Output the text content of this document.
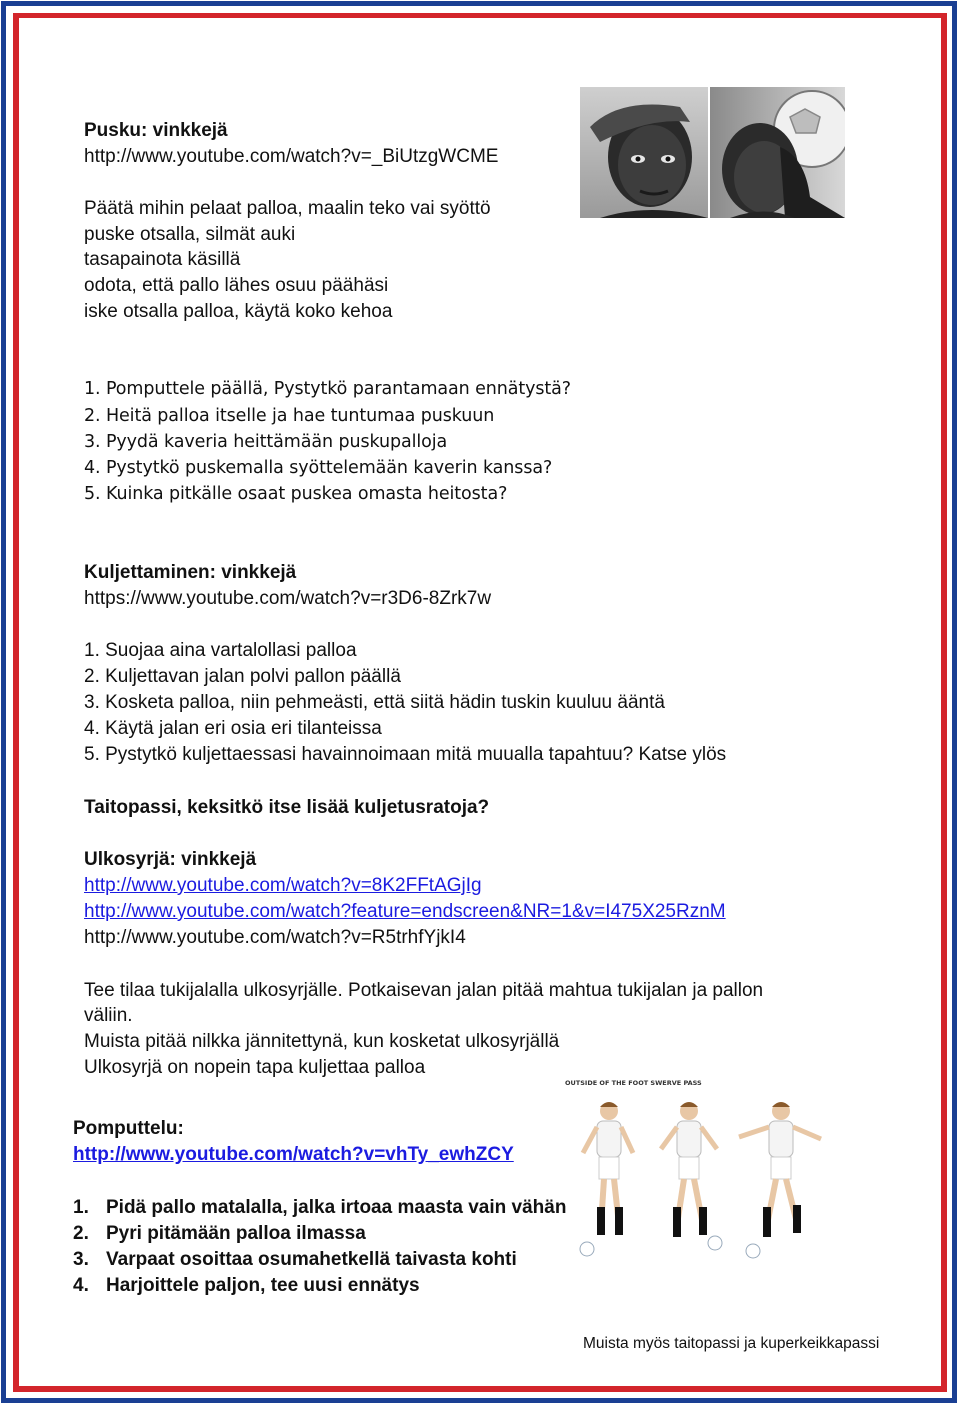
Pusku: vinkkejä
http://www.youtube.com/watch?v=_BiUtzgWCME
Päätä mihin pelaat palloa, maalin teko vai syöttö
puske otsalla, silmät auki
tasapainota käsillä
odota, että pallo lähes osuu päähäsi
iske otsalla palloa, käytä koko kehoa
1. Pomputtele päällä, Pystytkö parantamaan ennätystä?
2. Heitä palloa itselle ja hae tuntumaa puskuun
3. Pyydä kaveria heittämään puskupalloja
4. Pystytkö puskemalla syöttelemään kaverin kanssa?
5. Kuinka pitkälle osaat puskea omasta heitosta?
Kuljettaminen: vinkkejä
https://www.youtube.com/watch?v=r3D6-8Zrk7w
1. Suojaa aina vartalollasi palloa
2. Kuljettavan jalan polvi pallon päällä
3. Kosketa palloa, niin pehmeästi, että siitä hädin tuskin kuuluu ääntä
4. Käytä jalan eri osia eri tilanteissa
5. Pystytkö kuljettaessasi havainnoimaan mitä muualla tapahtuu? Katse ylös
Taitopassi, keksitkö itse lisää kuljetusratoja?
Ulkosyrjä: vinkkejä
http://www.youtube.com/watch?v=8K2FFtAGjIg
http://www.youtube.com/watch?feature=endscreen&NR=1&v=I475X25RznM
http://www.youtube.com/watch?v=R5trhfYjkI4
Tee tilaa tukijalalla ulkosyrjälle. Potkaisevan jalan pitää mahtua tukijalan ja pallon
väliin.
Muista pitää nilkka jännitettynä, kun kosketat ulkosyrjällä
Ulkosyrjä on nopein tapa kuljettaa palloa
OUTSIDE OF THE FOOT SWERVE PASS
Pomputtelu:
http://www.youtube.com/watch?v=vhTy_ewhZCY
1. Pidä pallo matalalla, jalka irtoaa maasta vain vähän
2. Pyri pitämään palloa ilmassa
3. Varpaat osoittaa osumahetkellä taivasta kohti
4. Harjoittele paljon, tee uusi ennätys
Muista myös taitopassi ja kuperkeikkapassi
